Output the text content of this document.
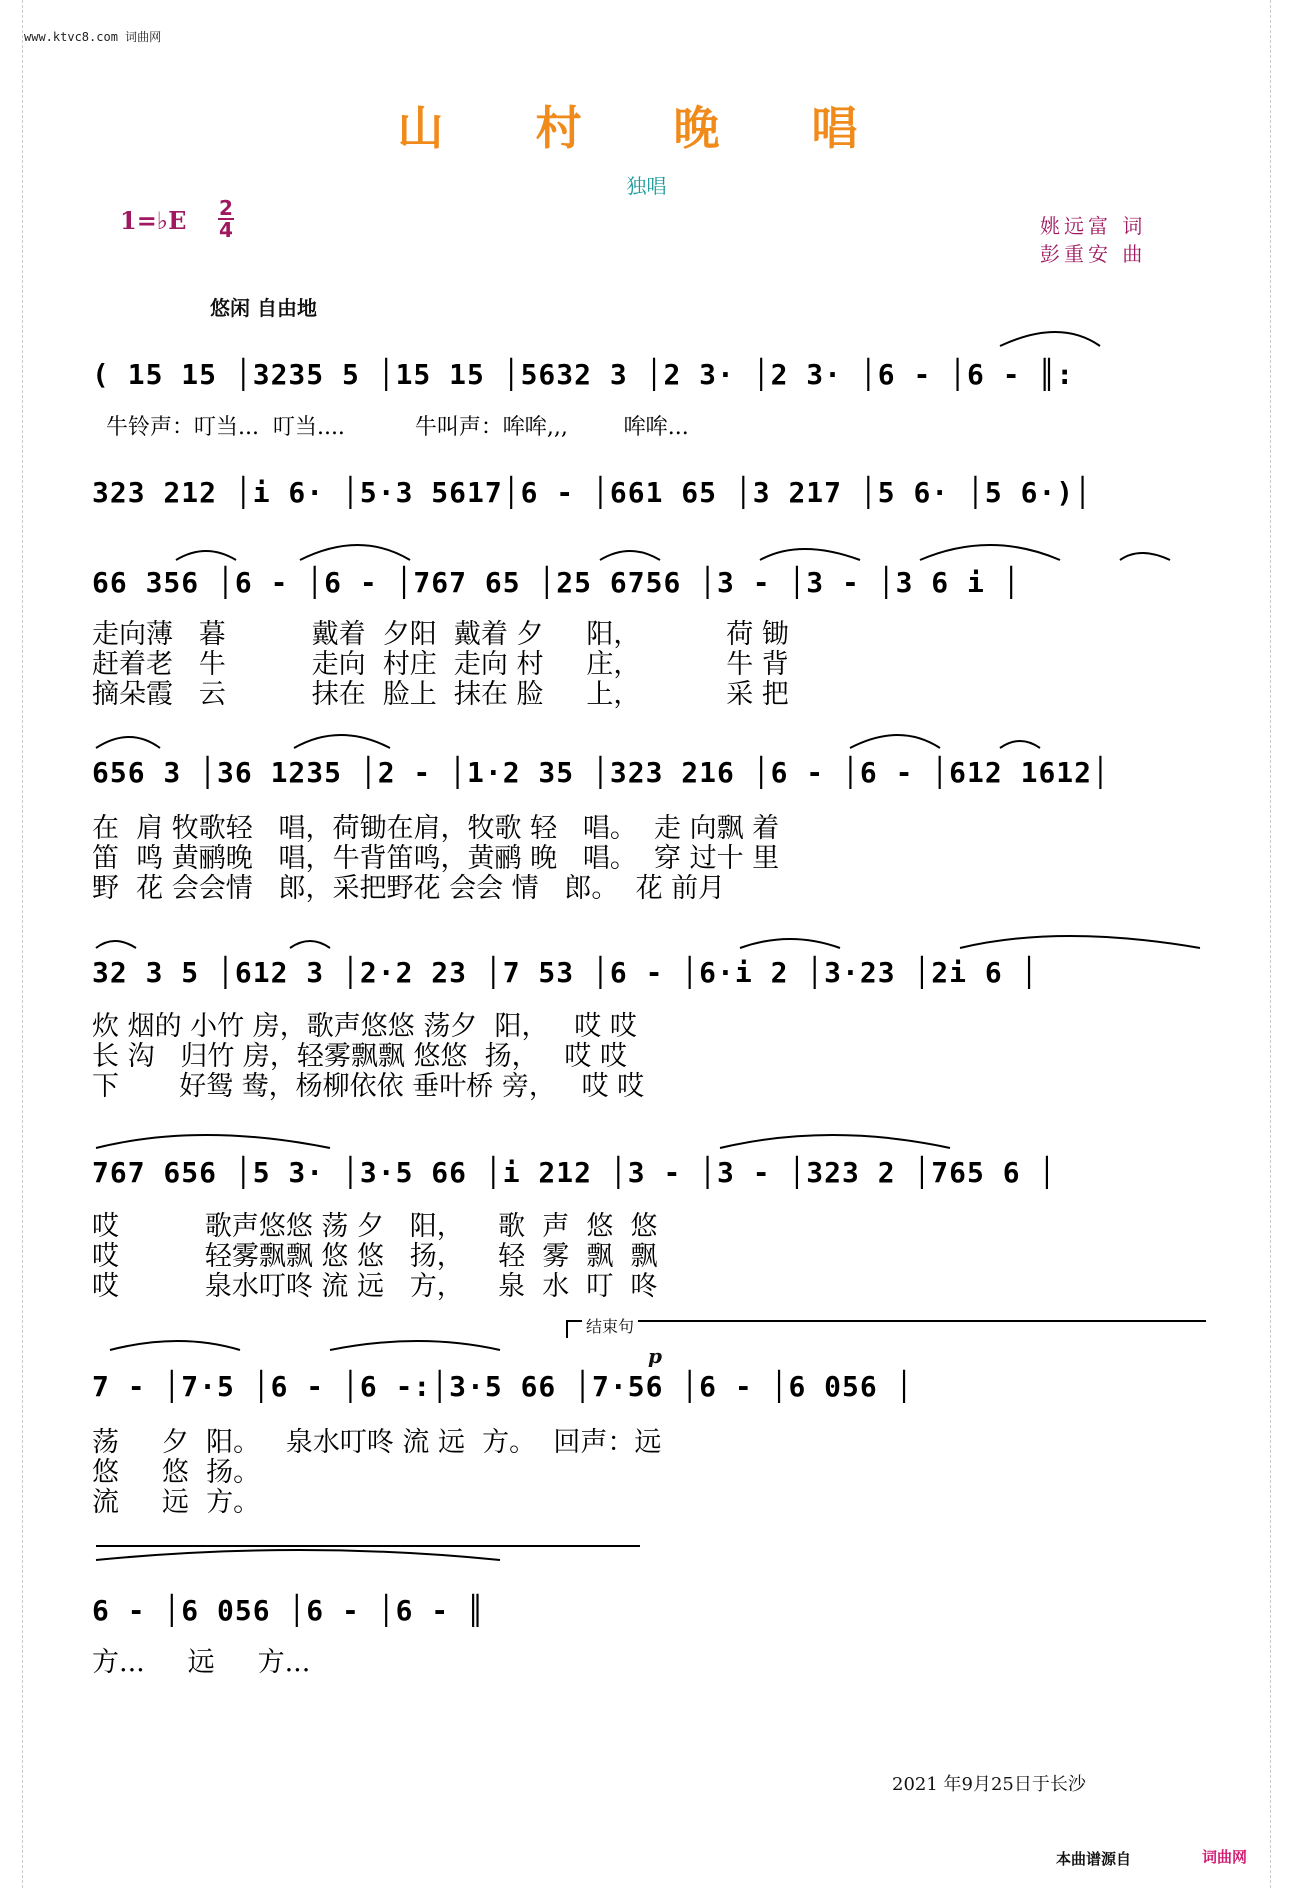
www.ktvc8.com 词曲网
山 村 晚 唱
独唱
1=♭E 2
4	姚远富 词
彭重安 曲
悠闲 自由地
( 15 15 │3235 5 │15 15 │5632 3 │2 3· │2 3· │6 - │6 - ║:
牛铃声：叮当...  叮当....          牛叫声：哞哞,,,        哞哞...
323 212 │i 6· │5·3 5617│6 - │661 65 │3 217 │5 6· │5 6·)│
66 356 │6 - │6 - │767 65 │25 6756 │3 - │3 - │3 6 i │
走向薄   暮          戴着  夕阳  戴着 夕     阳，          荷 锄
赶着老   牛          走向  村庄  走向 村     庄，          牛 背
摘朵霞   云          抹在  脸上  抹在 脸     上，          采 把
656 3 │36 1235 │2 - │1·2 35 │323 216 │6 - │6 - │612 1612│
在  肩 牧歌轻   唱，荷锄在肩，牧歌 轻   唱。  走 向飘 着
笛  鸣 黄鹂晚   唱，牛背笛鸣，黄鹂 晚   唱。  穿 过十 里
野  花 会会情   郎，采把野花 会会 情   郎。  花 前月
32 3 5 │612 3 │2·2 23 │7 53 │6 - │6·i 2 │3·23 │2i 6 │
炊 烟的 小竹 房，歌声悠悠 荡夕  阳，   哎 哎
长 沟   归竹 房，轻雾飘飘 悠悠  扬，   哎 哎
下       好鸳 鸯，杨柳依依 垂叶桥 旁，   哎 哎
767 656 │5 3· │3·5 66 │i 212 │3 - │3 - │323 2 │765 6 │
哎          歌声悠悠 荡 夕   阳，    歌  声  悠  悠
哎          轻雾飘飘 悠 悠   扬，    轻  雾  飘  飘
哎          泉水叮咚 流 远   方，    泉  水  叮  咚
7 - │7·5 │6 - │6 -:│3·5 66 │7·56 │6 - │6 056 │
荡     夕  阳。   泉水叮咚 流 远  方。  回声：远
悠     悠  扬。
流     远  方。
6 - │6 056 │6 - │6 - ║
方...     远     方...
结束句
p
2021 年9月25日于长沙
本曲谱源自	词曲网
